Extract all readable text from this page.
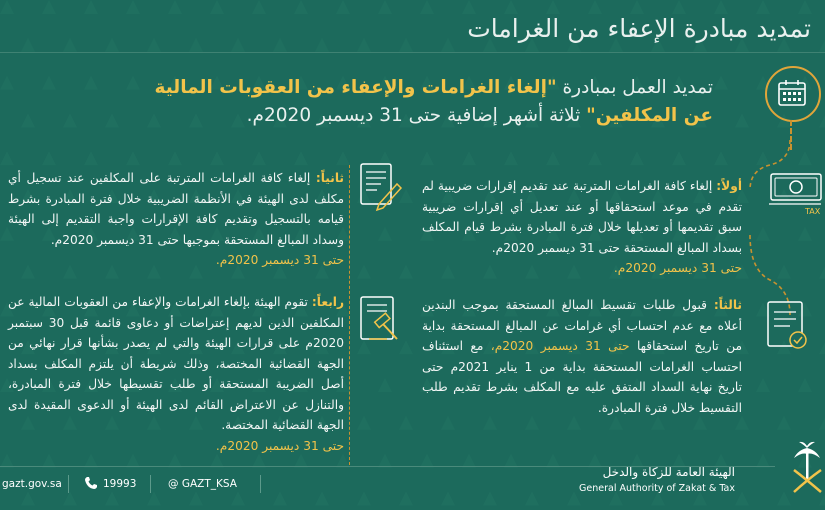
تمديد مبادرة الإعفاء من الغرامات
تمديد العمل بمبادرة "إلغاء الغرامات والإعفاء من العقوبات المالية عن المكلفين" ثلاثة أشهر إضافية حتى 31 ديسمبر 2020م.
TAX
أولاً: إلغاء كافة الغرامات المترتبة عند تقديم إقرارات ضريبية لم تقدم في موعد استحقاقها أو عند تعديل أي إقرارات ضريبية سبق تقديمها أو تعديلها خلال فترة المبادرة بشرط قيام المكلف بسداد المبالغ المستحقة حتى 31 ديسمبر 2020م.
حتى 31 ديسمبر 2020م.
ثانياً: إلغاء كافة الغرامات المترتبة على المكلفين عند تسجيل أي مكلف لدى الهيئة في الأنظمة الضريبية خلال فترة المبادرة بشرط قيامه بالتسجيل وتقديم كافة الإقرارات واجبة التقديم إلى الهيئة وسداد المبالغ المستحقة بموجبها حتى 31 ديسمبر 2020م.
حتى 31 ديسمبر 2020م.
ثالثاً: قبول طلبات تقسيط المبالغ المستحقة بموجب البندين أعلاه مع عدم احتساب أي غرامات عن المبالغ المستحقة بداية من تاريخ استحقاقها حتى 31 ديسمبر 2020م، مع استئناف احتساب الغرامات المستحقة بداية من 1 يناير 2021م حتى تاريخ نهاية السداد المتفق عليه مع المكلف بشرط تقديم طلب التقسيط خلال فترة المبادرة.
رابعاً: تقوم الهيئة بإلغاء الغرامات والإعفاء من العقوبات المالية عن المكلفين الذين لديهم إعتراضات أو دعاوى قائمة قبل 30 سبتمبر 2020م على قرارات الهيئة والتي لم يصدر بشأنها قرار نهائي من الجهة القضائية المختصة، وذلك شريطة أن يلتزم المكلف بسداد أصل الضريبة المستحقة أو طلب تقسيطها خلال فترة المبادرة، والتنازل عن الاعتراض القائم لدى الهيئة أو الدعوى المقيدة لدى الجهة القضائية المختصة.
حتى 31 ديسمبر 2020م.
gazt.gov.sa	19993	@ GAZT_KSA
الهيئة العامة للزكاة والدخل
General Authority of Zakat & Tax
